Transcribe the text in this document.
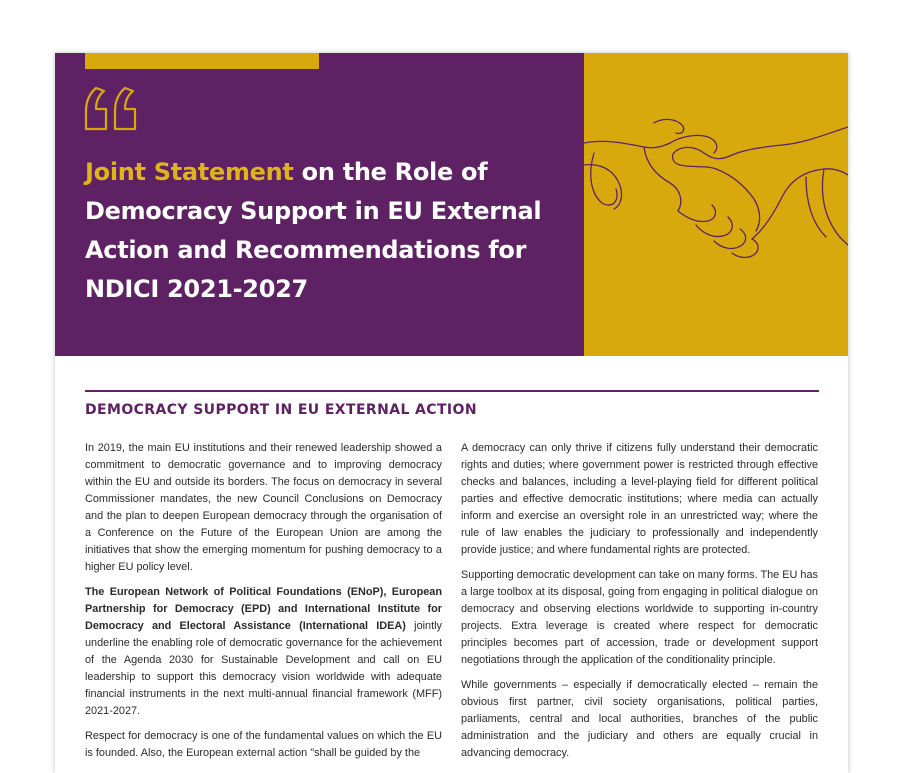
Joint Statement on the Role of Democracy Support in EU External Action and Recommendations for NDICI 2021-2027
DEMOCRACY SUPPORT IN EU EXTERNAL ACTION

In 2019, the main EU institutions and their renewed leadership showed a commitment to democratic governance and to improving democracy within the EU and outside its borders. The focus on democracy in several Commissioner mandates, the new Council Conclusions on Democracy and the plan to deepen European democracy through the organisation of a Conference on the Future of the European Union are among the initiatives that show the emerging momentum for pushing democracy to a higher EU policy level.

The European Network of Political Foundations (ENoP), European Partnership for Democracy (EPD) and International Institute for Democracy and Electoral Assistance (International IDEA) jointly underline the enabling role of democratic governance for the achievement of the Agenda 2030 for Sustainable Development and call on EU leadership to support this democracy vision worldwide with adequate financial instruments in the next multi-annual financial framework (MFF) 2021-2027.

Respect for democracy is one of the fundamental values on which the EU is founded. Also, the European external action "shall be guided by the

A democracy can only thrive if citizens fully understand their democratic rights and duties; where government power is restricted through effective checks and balances, including a level-playing field for different political parties and effective democratic institutions; where media can actually inform and exercise an oversight role in an unrestricted way; where the rule of law enables the judiciary to professionally and independently provide justice; and where fundamental rights are protected.

Supporting democratic development can take on many forms. The EU has a large toolbox at its disposal, going from engaging in political dialogue on democracy and observing elections worldwide to supporting in-country projects. Extra leverage is created where respect for democratic principles becomes part of accession, trade or development support negotiations through the application of the conditionality principle.

While governments – especially if democratically elected – remain the obvious first partner, civil society organisations, political parties, parliaments, central and local authorities, branches of the public administration and the judiciary and others are equally crucial in advancing democracy.
